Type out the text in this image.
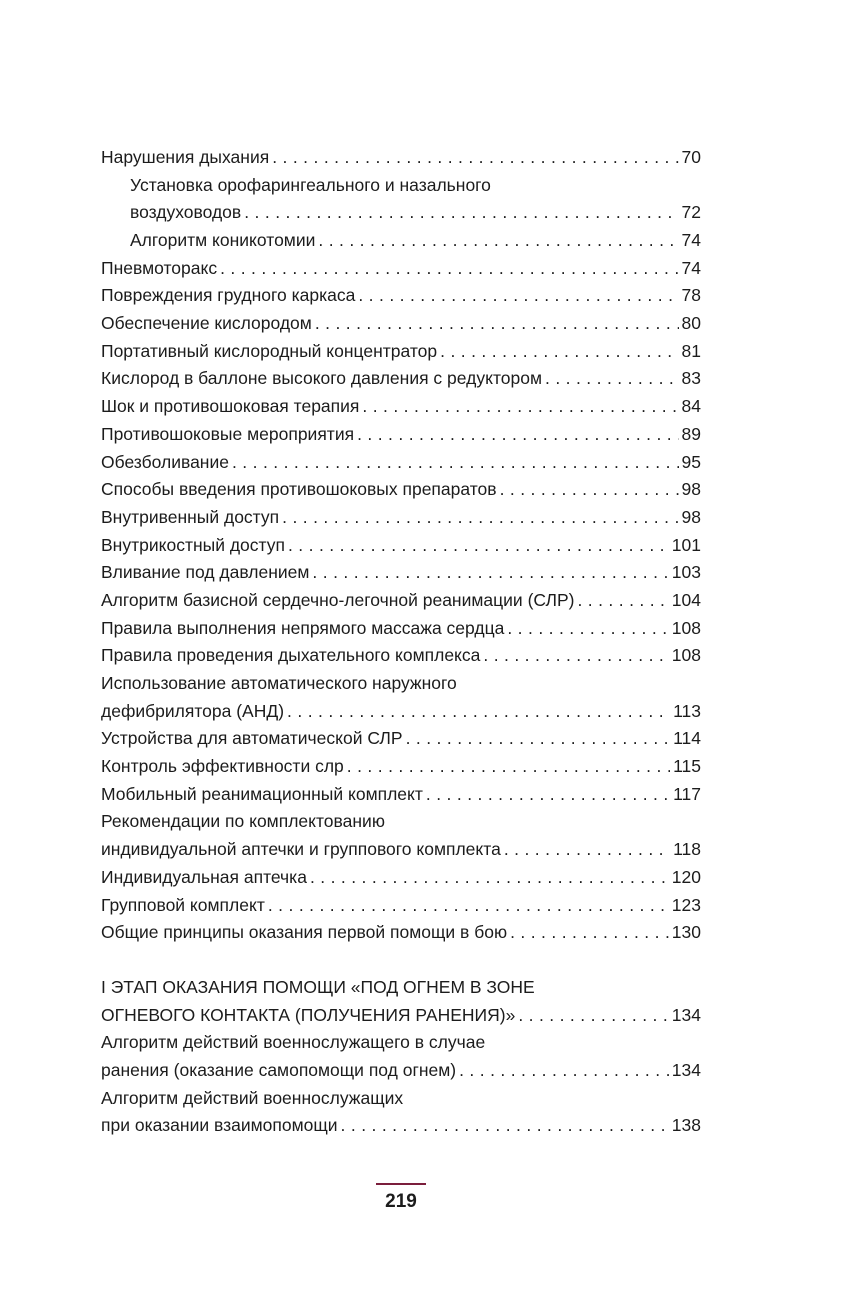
Нарушения дыхания . . .	70
Установка орофарингеального и назального
воздуховодов . . .	72
Алгоритм коникотомии . . .	74
Пневмоторакс . . .	74
Повреждения грудного каркаса . . .	78
Обеспечение кислородом . . .	80
Портативный кислородный концентратор . . .	81
Кислород в баллоне высокого давления с редуктором . . .	83
Шок и противошоковая терапия . . .	84
Противошоковые мероприятия . . .	89
Обезболивание . . .	95
Способы введения противошоковых препаратов . . .	98
Внутривенный доступ . . .	98
Внутрикостный доступ . . .	101
Вливание под давлением . . .	103
Алгоритм базисной сердечно-легочной реанимации (СЛР) . . .	104
Правила выполнения непрямого массажа сердца . . .	108
Правила проведения дыхательного комплекса . . .	108
Использование автоматического наружного
дефибрилятора (АНД) . . .	113
Устройства для автоматической СЛР . . .	114
Контроль эффективности слр . . .	115
Мобильный реанимационный комплект . . .	117
Рекомендации по комплектованию
индивидуальной аптечки и группового комплекта . . .	118
Индивидуальная аптечка . . .	120
Групповой комплект . . .	123
Общие принципы оказания первой помощи в бою . . .	130
I ЭТАП ОКАЗАНИЯ ПОМОЩИ «ПОД ОГНЕМ В ЗОНЕ
ОГНЕВОГО КОНТАКТА (ПОЛУЧЕНИЯ РАНЕНИЯ)» . . .	134
Алгоритм действий военнослужащего в случае
ранения (оказание самопомощи под огнем) . . .	134
Алгоритм действий военнослужащих
при оказании взаимопомощи . . .	138
219
